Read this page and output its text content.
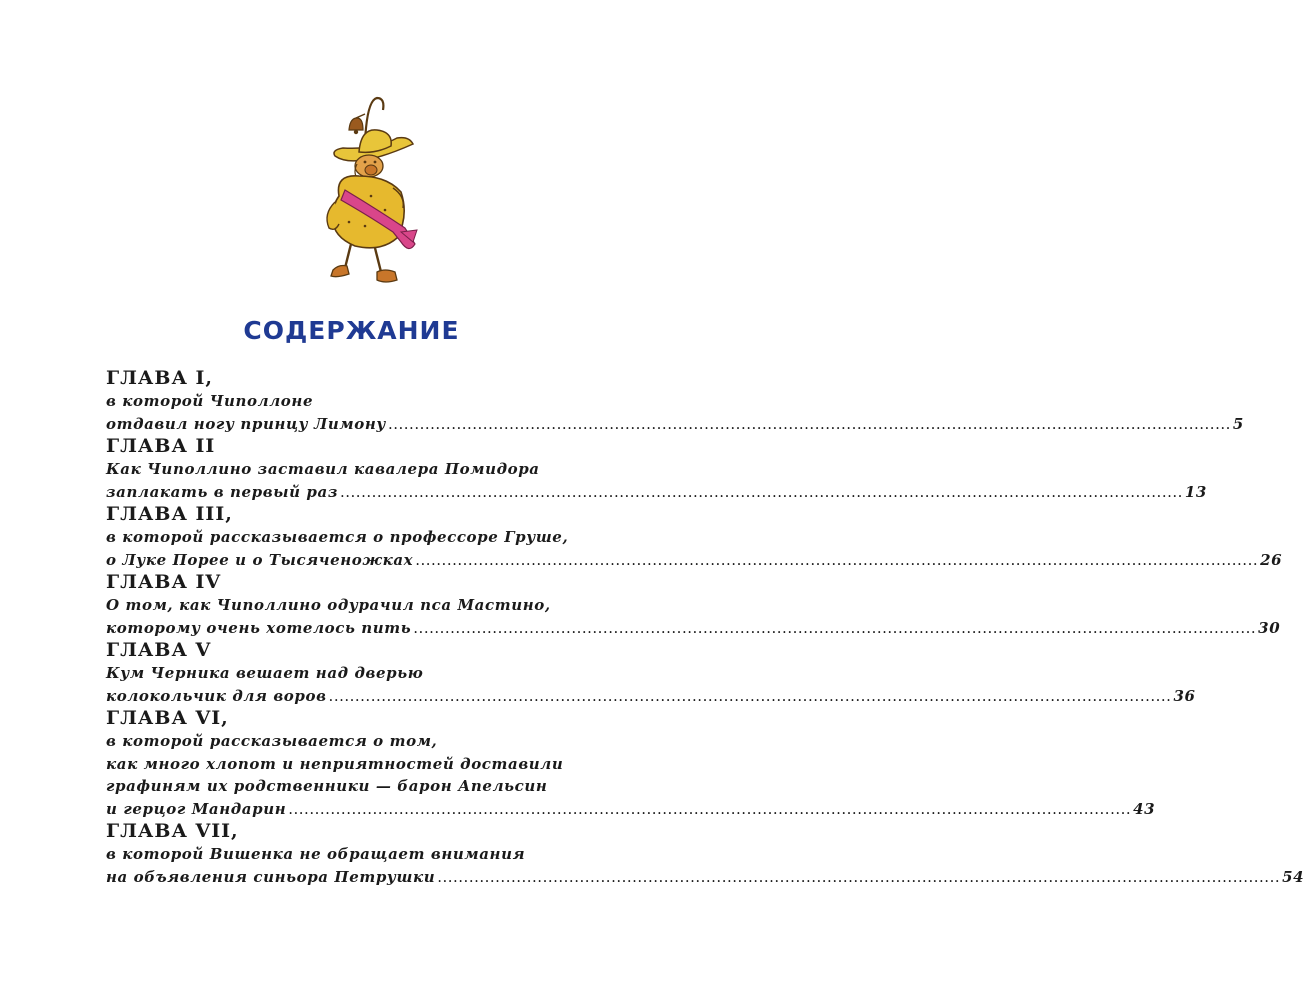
СОДЕРЖАНИЕ
ГЛАВА I,
в которой Чиполлоне
отдавил ногу принцу Лимону ................................................................................................................................................................ 5
ГЛАВА II
Как Чиполлино заставил кавалера Помидора
заплакать в первый раз ................................................................................................................................................................ 13
ГЛАВА III,
в которой рассказывается о профессоре Груше,
о Луке Порее и о Тысяченожках ................................................................................................................................................................ 26
ГЛАВА IV
О том, как Чиполлино одурачил пса Мастино,
которому очень хотелось пить ................................................................................................................................................................ 30
ГЛАВА V
Кум Черника вешает над дверью
колокольчик для воров ................................................................................................................................................................ 36
ГЛАВА VI,
в которой рассказывается о том,
как много хлопот и неприятностей доставили
графиням их родственники — барон Апельсин
и герцог Мандарин ................................................................................................................................................................ 43
ГЛАВА VII,
в которой Вишенка не обращает внимания
на объявления синьора Петрушки ................................................................................................................................................................ 54
